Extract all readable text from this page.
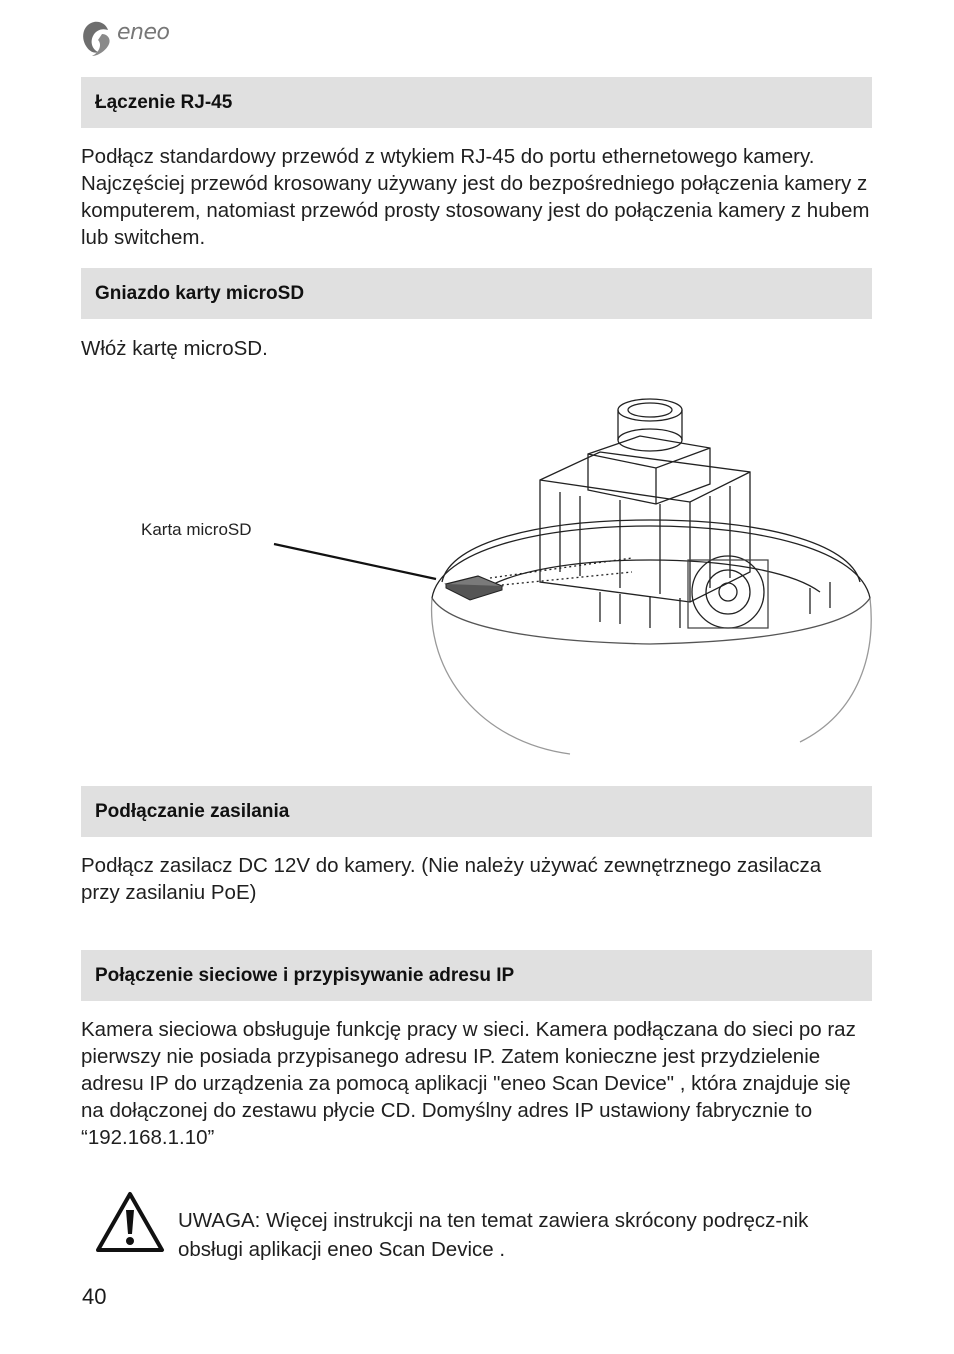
eneo
Łączenie RJ-45
Podłącz standardowy przewód z wtykiem RJ-45 do portu ethernetowego kamery. Najczęściej przewód krosowany używany jest do bezpośredniego połączenia kamery z komputerem, natomiast przewód prosty stosowany jest do połączenia kamery z hubem lub switchem.
Gniazdo karty microSD
Włóż kartę microSD.
Karta microSD
Podłączanie zasilania
Podłącz zasilacz DC 12V do kamery. (Nie należy używać zewnętrznego zasilacza przy zasilaniu PoE)
Połączenie sieciowe i przypisywanie adresu IP
Kamera sieciowa obsługuje funkcję pracy w sieci. Kamera podłączana do sieci po raz pierwszy nie posiada przypisanego adresu IP. Zatem konieczne jest przydzielenie adresu IP do urządzenia za pomocą aplikacji "eneo Scan Device" , która znajduje się na dołączonej do zestawu płycie CD. Domyślny adres IP ustawiony fabrycznie to “192.168.1.10”
UWAGA: Więcej instrukcji na ten temat zawiera skrócony podręcz-nik obsługi aplikacji eneo Scan Device .
40
